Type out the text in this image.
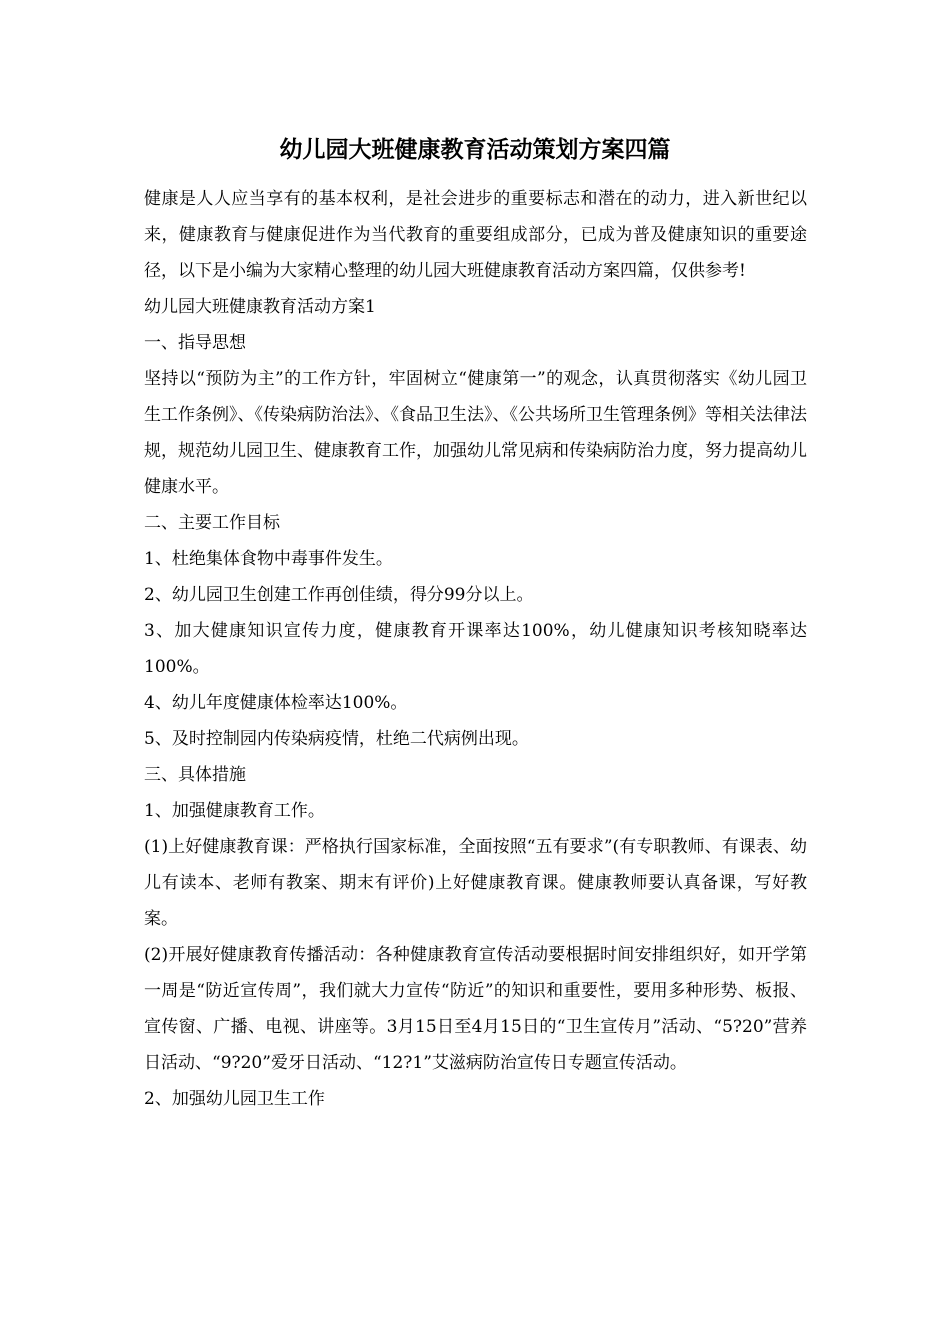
幼儿园大班健康教育活动策划方案四篇

健康是人人应当享有的基本权利，是社会进步的重要标志和潜在的动力，进入新世纪以来，健康教育与健康促进作为当代教育的重要组成部分，已成为普及健康知识的重要途径，以下是小编为大家精心整理的幼儿园大班健康教育活动方案四篇，仅供参考!

幼儿园大班健康教育活动方案1

一、指导思想

坚持以“预防为主”的工作方针，牢固树立“健康第一”的观念，认真贯彻落实《幼儿园卫生工作条例》、《传染病防治法》、《食品卫生法》、《公共场所卫生管理条例》等相关法律法规，规范幼儿园卫生、健康教育工作，加强幼儿常见病和传染病防治力度，努力提高幼儿健康水平。

二、主要工作目标

1、杜绝集体食物中毒事件发生。

2、幼儿园卫生创建工作再创佳绩，得分99分以上。

3、加大健康知识宣传力度，健康教育开课率达100%，幼儿健康知识考核知晓率达100%。

4、幼儿年度健康体检率达100%。

5、及时控制园内传染病疫情，杜绝二代病例出现。

三、具体措施

1、加强健康教育工作。

(1)上好健康教育课：严格执行国家标准，全面按照“五有要求”(有专职教师、有课表、幼儿有读本、老师有教案、期末有评价)上好健康教育课。健康教师要认真备课，写好教案。

(2)开展好健康教育传播活动：各种健康教育宣传活动要根据时间安排组织好，如开学第一周是“防近宣传周”，我们就大力宣传“防近”的知识和重要性，要用多种形势、板报、宣传窗、广播、电视、讲座等。3月15日至4月15日的“卫生宣传月”活动、“5?20”营养日活动、“9?20”爱牙日活动、“12?1”艾滋病防治宣传日专题宣传活动。

2、加强幼儿园卫生工作
